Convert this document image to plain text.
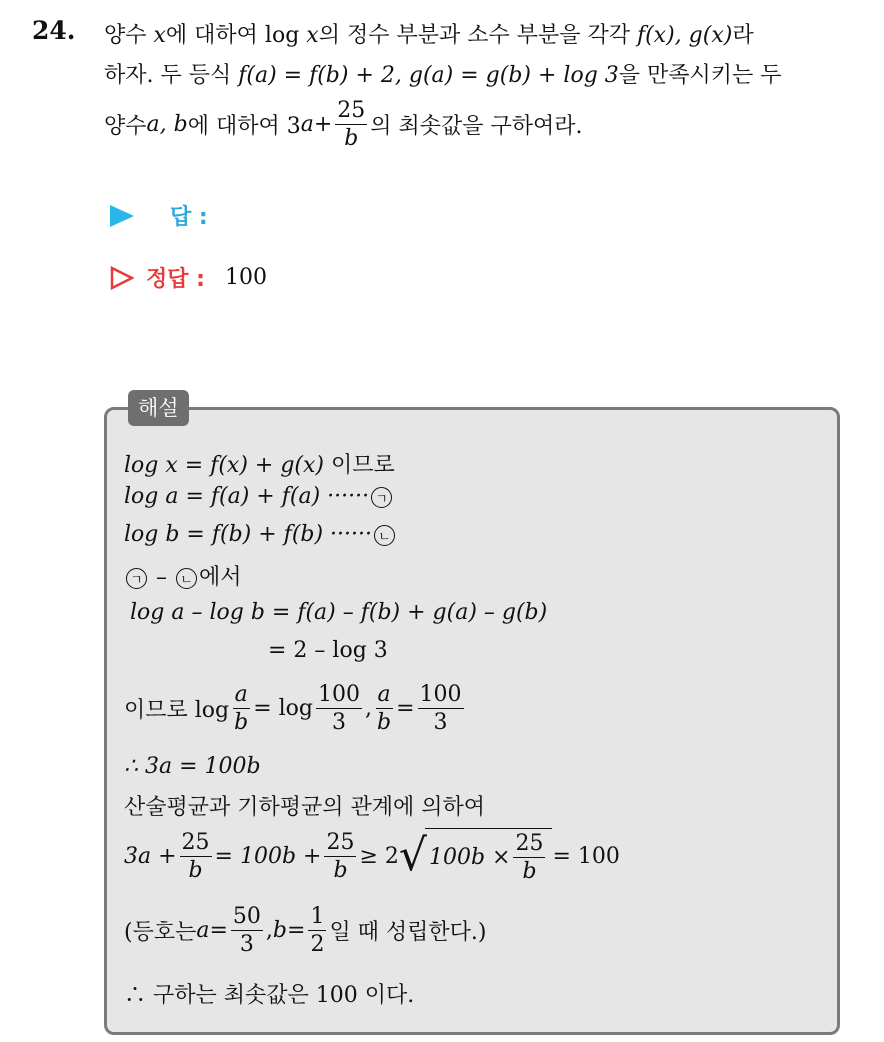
24. 양수 x에 대하여 log x의 정수 부분과 소수 부분을 각각 f(x), g(x)라
하자. 두 등식 f(a) = f(b) + 2, g(a) = g(b) + log 3을 만족시키는 두
양수 a, b 에 대하여 3 $a + \frac{25}{b}$ 의 최솟값을 구하여라.
답 :
정답 : 100
해설
log x = f(x) + g(x) 이므로
log a = f(a) + f(a) ······ ㄱ
log b = f(b) + f(b) ······ ㄴ
ㄱ – ㄴ 에서
log a – log b = f(a) – f(b) + g(a) – g(b)
= 2 – log 3
이므로 $\log \frac{a}{b} = \log \frac{100}{3}$ , $\frac{a}{b} = \frac{100}{3}$
∴ 3a = 100b
산술평균과 기하평균의 관계에 의하여
$3a + \frac{25}{b} = 100b + \frac{25}{b} \ge 2$ √ $100b \times \frac{25}{b} = 100$
(등호는 $a = \frac{50}{3}$ , $b = \frac{1}{2}$ 일 때 성립한다.)
∴ 구하는 최솟값은 100 이다.
